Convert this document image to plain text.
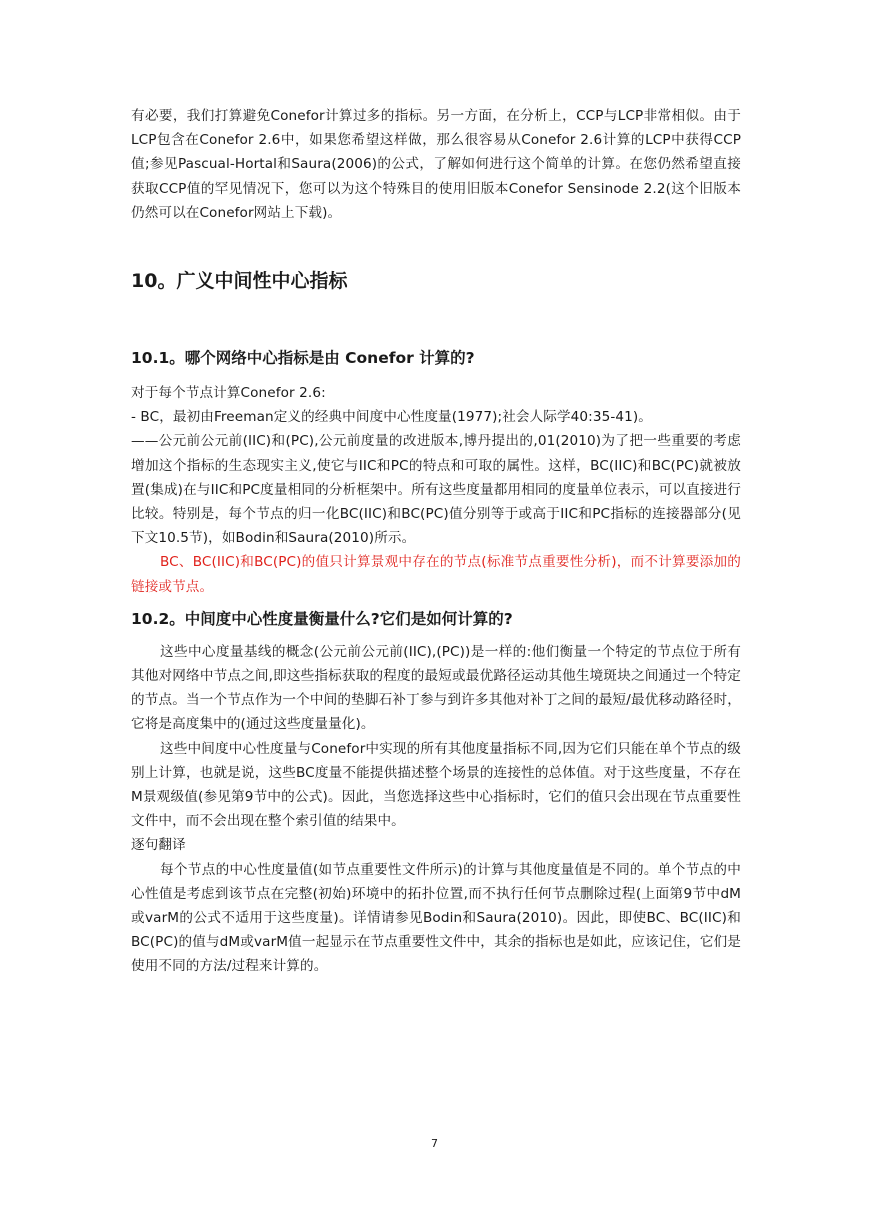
有必要，我们打算避免Conefor计算过多的指标。另一方面，在分析上，CCP与LCP非常相似。由于LCP包含在Conefor 2.6中，如果您希望这样做，那么很容易从Conefor 2.6计算的LCP中获得CCP值;参见Pascual-Hortal和Saura(2006)的公式，了解如何进行这个简单的计算。在您仍然希望直接获取CCP值的罕见情况下，您可以为这个特殊目的使用旧版本Conefor Sensinode 2.2(这个旧版本仍然可以在Conefor网站上下载)。

10。广义中间性中心指标
10.1。哪个网络中心指标是由 Conefor 计算的?

对于每个节点计算Conefor 2.6:

- BC，最初由Freeman定义的经典中间度中心性度量(1977);社会人际学40:35-41)。

——公元前公元前(IIC)和(PC),公元前度量的改进版本,博丹提出的,01(2010)为了把一些重要的考虑增加这个指标的生态现实主义,使它与IIC和PC的特点和可取的属性。这样，BC(IIC)和BC(PC)就被放置(集成)在与IIC和PC度量相同的分析框架中。所有这些度量都用相同的度量单位表示，可以直接进行比较。特别是，每个节点的归一化BC(IIC)和BC(PC)值分别等于或高于IIC和PC指标的连接器部分(见下文10.5节)，如Bodin和Saura(2010)所示。

BC、BC(IIC)和BC(PC)的值只计算景观中存在的节点(标准节点重要性分析)，而不计算要添加的链接或节点。

10.2。中间度中心性度量衡量什么?它们是如何计算的?

这些中心度量基线的概念(公元前公元前(IIC),(PC))是一样的:他们衡量一个特定的节点位于所有其他对网络中节点之间,即这些指标获取的程度的最短或最优路径运动其他生境斑块之间通过一个特定的节点。当一个节点作为一个中间的垫脚石补丁参与到许多其他对补丁之间的最短/最优移动路径时，它将是高度集中的(通过这些度量量化)。

这些中间度中心性度量与Conefor中实现的所有其他度量指标不同,因为它们只能在单个节点的级别上计算，也就是说，这些BC度量不能提供描述整个场景的连接性的总体值。对于这些度量，不存在M景观级值(参见第9节中的公式)。因此，当您选择这些中心指标时，它们的值只会出现在节点重要性文件中，而不会出现在整个索引值的结果中。

逐句翻译

每个节点的中心性度量值(如节点重要性文件所示)的计算与其他度量值是不同的。单个节点的中心性值是考虑到该节点在完整(初始)环境中的拓扑位置,而不执行任何节点删除过程(上面第9节中dM或varM的公式不适用于这些度量)。详情请参见Bodin和Saura(2010)。因此，即使BC、BC(IIC)和BC(PC)的值与dM或varM值一起显示在节点重要性文件中，其余的指标也是如此，应该记住，它们是使用不同的方法/过程来计算的。

7
